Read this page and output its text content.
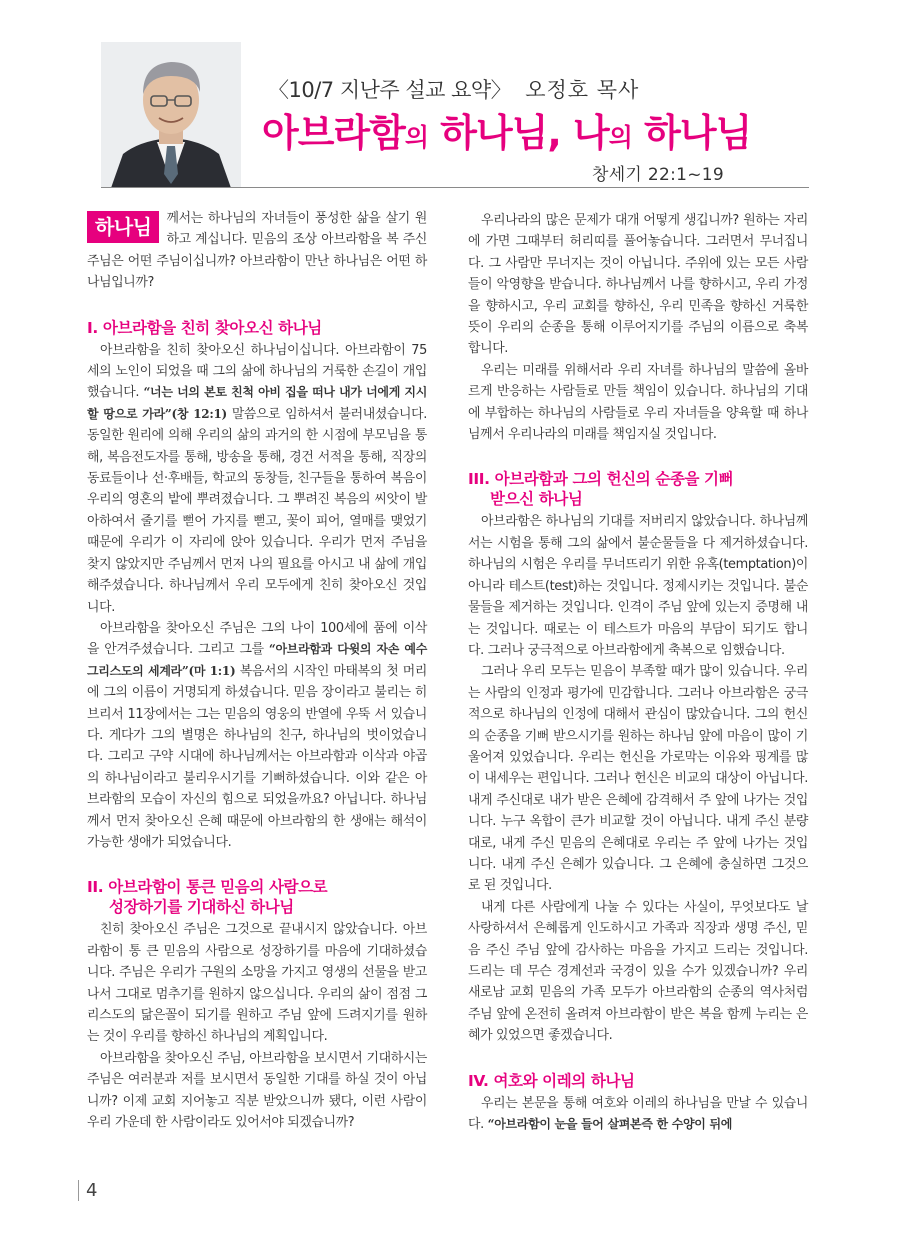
〈10/7 지난주 설교 요약〉 오정호 목사
아브라함의 하나님, 나의 하나님
창세기 22:1~19

하나님	께서는 하나님의 자녀들이 풍성한 삶을 살기 원하고 계십니다. 믿음의 조상 아브라함을 복 주신 주님은 어떤 주님이십니까? 아브라함이 만난 하나님은 어떤 하나님입니까?

I. 아브라함을 친히 찾아오신 하나님

아브라함을 친히 찾아오신 하나님이십니다. 아브라함이 75세의 노인이 되었을 때 그의 삶에 하나님의 거룩한 손길이 개입했습니다. “너는 너의 본토 친척 아비 집을 떠나 내가 너에게 지시할 땅으로 가라”(창 12:1) 말씀으로 임하셔서 불러내셨습니다. 동일한 원리에 의해 우리의 삶의 과거의 한 시점에 부모님을 통해, 복음전도자를 통해, 방송을 통해, 경건 서적을 통해, 직장의 동료들이나 선·후배들, 학교의 동창들, 친구들을 통하여 복음이 우리의 영혼의 밭에 뿌려졌습니다. 그 뿌려진 복음의 씨앗이 발아하여서 줄기를 뻗어 가지를 뻗고, 꽃이 피어, 열매를 맺었기 때문에 우리가 이 자리에 앉아 있습니다. 우리가 먼저 주님을 찾지 않았지만 주님께서 먼저 나의 필요를 아시고 내 삶에 개입해주셨습니다. 하나님께서 우리 모두에게 친히 찾아오신 것입니다.

아브라함을 찾아오신 주님은 그의 나이 100세에 품에 이삭을 안겨주셨습니다. 그리고 그를 “아브라함과 다윗의 자손 예수 그리스도의 세계라”(마 1:1) 복음서의 시작인 마태복의 첫 머리에 그의 이름이 거명되게 하셨습니다. 믿음 장이라고 불리는 히브리서 11장에서는 그는 믿음의 영웅의 반열에 우뚝 서 있습니다. 게다가 그의 별명은 하나님의 친구, 하나님의 벗이었습니다. 그리고 구약 시대에 하나님께서는 아브라함과 이삭과 야곱의 하나님이라고 불리우시기를 기뻐하셨습니다. 이와 같은 아브라함의 모습이 자신의 힘으로 되었을까요? 아닙니다. 하나님께서 먼저 찾아오신 은혜 때문에 아브라함의 한 생애는 해석이 가능한 생애가 되었습니다.

II. 아브라함이 통큰 믿음의 사람으로
성장하기를 기대하신 하나님

친히 찾아오신 주님은 그것으로 끝내시지 않았습니다. 아브라함이 통 큰 믿음의 사람으로 성장하기를 마음에 기대하셨습니다. 주님은 우리가 구원의 소망을 가지고 영생의 선물을 받고나서 그대로 멈추기를 원하지 않으십니다. 우리의 삶이 점점 그리스도의 닮은꼴이 되기를 원하고 주님 앞에 드려지기를 원하는 것이 우리를 향하신 하나님의 계획입니다.

아브라함을 찾아오신 주님, 아브라함을 보시면서 기대하시는 주님은 여러분과 저를 보시면서 동일한 기대를 하실 것이 아닙니까? 이제 교회 지어놓고 직분 받았으니까 됐다, 이런 사람이 우리 가운데 한 사람이라도 있어서야 되겠습니까?

우리나라의 많은 문제가 대개 어떻게 생깁니까? 원하는 자리에 가면 그때부터 허리띠를 풀어놓습니다. 그러면서 무너집니다. 그 사람만 무너지는 것이 아닙니다. 주위에 있는 모든 사람들이 악영향을 받습니다. 하나님께서 나를 향하시고, 우리 가정을 향하시고, 우리 교회를 향하신, 우리 민족을 향하신 거룩한 뜻이 우리의 순종을 통해 이루어지기를 주님의 이름으로 축복합니다.

우리는 미래를 위해서라 우리 자녀를 하나님의 말씀에 올바르게 반응하는 사람들로 만들 책임이 있습니다. 하나님의 기대에 부합하는 하나님의 사람들로 우리 자녀들을 양육할 때 하나님께서 우리나라의 미래를 책임지실 것입니다.

III. 아브라함과 그의 헌신의 순종을 기뻐
받으신 하나님

아브라함은 하나님의 기대를 저버리지 않았습니다. 하나님께서는 시험을 통해 그의 삶에서 불순물들을 다 제거하셨습니다. 하나님의 시험은 우리를 무너뜨리기 위한 유혹(temptation)이 아니라 테스트(test)하는 것입니다. 정제시키는 것입니다. 불순물들을 제거하는 것입니다. 인격이 주님 앞에 있는지 증명해 내는 것입니다. 때로는 이 테스트가 마음의 부담이 되기도 합니다. 그러나 궁극적으로 아브라함에게 축복으로 임했습니다.

그러나 우리 모두는 믿음이 부족할 때가 많이 있습니다. 우리는 사람의 인정과 평가에 민감합니다. 그러나 아브라함은 궁극적으로 하나님의 인정에 대해서 관심이 많았습니다. 그의 헌신의 순종을 기뻐 받으시기를 원하는 하나님 앞에 마음이 많이 기울어져 있었습니다. 우리는 헌신을 가로막는 이유와 핑계를 많이 내세우는 편입니다. 그러나 헌신은 비교의 대상이 아닙니다. 내게 주신대로 내가 받은 은혜에 감격해서 주 앞에 나가는 것입니다. 누구 옥합이 큰가 비교할 것이 아닙니다. 내게 주신 분량대로, 내게 주신 믿음의 은혜대로 우리는 주 앞에 나가는 것입니다. 내게 주신 은혜가 있습니다. 그 은혜에 충실하면 그것으로 된 것입니다.

내게 다른 사람에게 나눌 수 있다는 사실이, 무엇보다도 날 사랑하셔서 은혜롭게 인도하시고 가족과 직장과 생명 주신, 믿음 주신 주님 앞에 감사하는 마음을 가지고 드리는 것입니다. 드리는 데 무슨 경계선과 국경이 있을 수가 있겠습니까? 우리 새로남 교회 믿음의 가족 모두가 아브라함의 순종의 역사처럼 주님 앞에 온전히 올려져 아브라함이 받은 복을 함께 누리는 은혜가 있었으면 좋겠습니다.

IV. 여호와 이레의 하나님

우리는 본문을 통해 여호와 이레의 하나님을 만날 수 있습니다. “아브라함이 눈을 들어 살펴본즉 한 수양이 뒤에

4
